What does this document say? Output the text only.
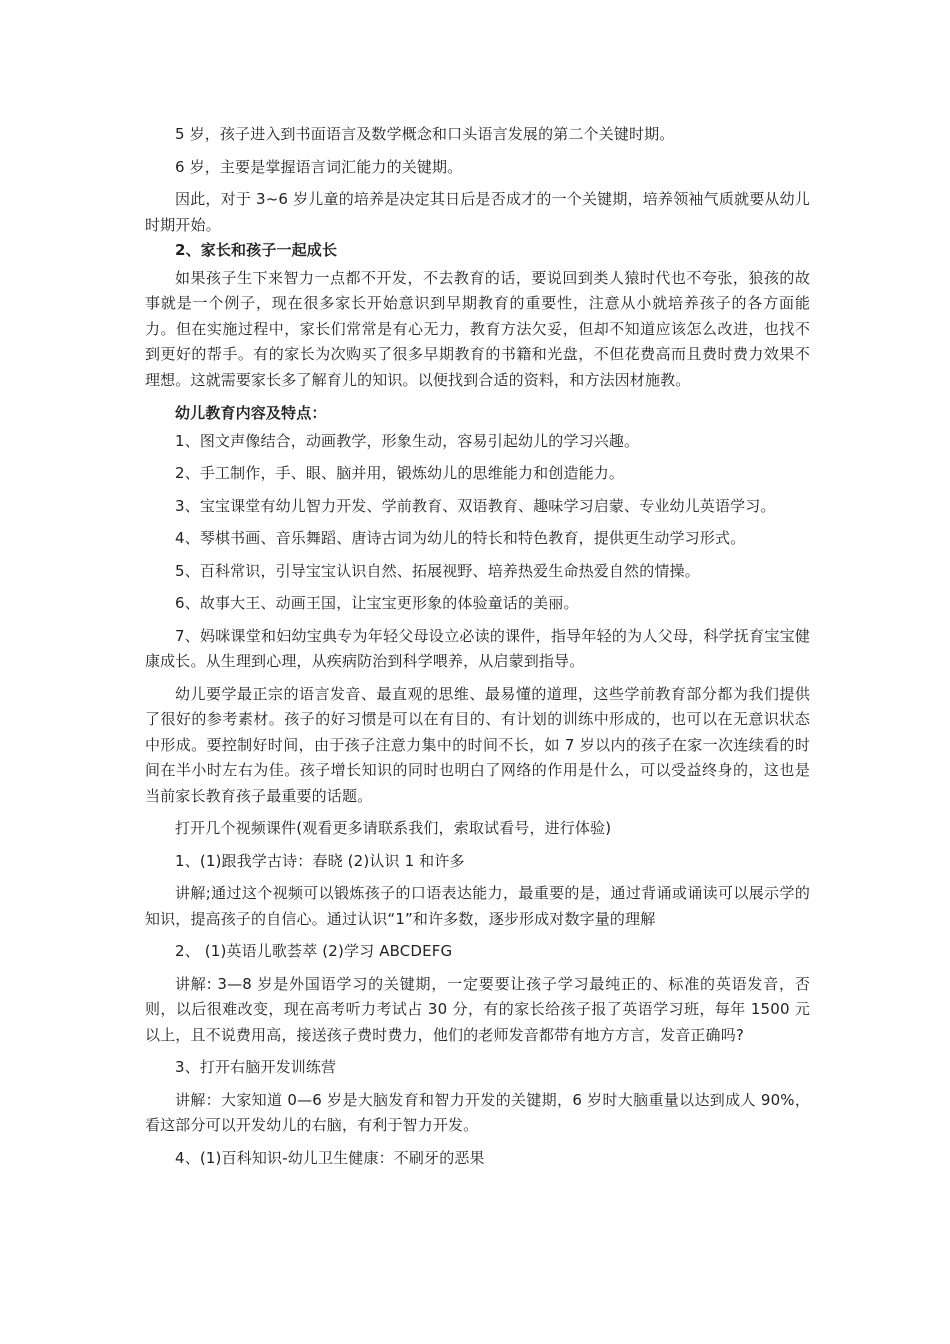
5 岁，孩子进入到书面语言及数学概念和口头语言发展的第二个关键时期。

6 岁，主要是掌握语言词汇能力的关键期。

因此，对于 3~6 岁儿童的培养是决定其日后是否成才的一个关键期，培养领袖气质就要从幼儿时期开始。

2、家长和孩子一起成长

如果孩子生下来智力一点都不开发，不去教育的话，要说回到类人猿时代也不夸张，狼孩的故事就是一个例子，现在很多家长开始意识到早期教育的重要性，注意从小就培养孩子的各方面能力。但在实施过程中，家长们常常是有心无力，教育方法欠妥，但却不知道应该怎么改进，也找不到更好的帮手。有的家长为次购买了很多早期教育的书籍和光盘，不但花费高而且费时费力效果不理想。这就需要家长多了解育儿的知识。以便找到合适的资料，和方法因材施教。

幼儿教育内容及特点：

1、图文声像结合，动画教学，形象生动，容易引起幼儿的学习兴趣。

2、手工制作，手、眼、脑并用，锻炼幼儿的思维能力和创造能力。

3、宝宝课堂有幼儿智力开发、学前教育、双语教育、趣味学习启蒙、专业幼儿英语学习。

4、琴棋书画、音乐舞蹈、唐诗古词为幼儿的特长和特色教育，提供更生动学习形式。

5、百科常识，引导宝宝认识自然、拓展视野、培养热爱生命热爱自然的情操。

6、故事大王、动画王国，让宝宝更形象的体验童话的美丽。

7、妈咪课堂和妇幼宝典专为年轻父母设立必读的课件，指导年轻的为人父母，科学抚育宝宝健康成长。从生理到心理，从疾病防治到科学喂养，从启蒙到指导。

幼儿要学最正宗的语言发音、最直观的思维、最易懂的道理，这些学前教育部分都为我们提供了很好的参考素材。孩子的好习惯是可以在有目的、有计划的训练中形成的，也可以在无意识状态中形成。要控制好时间，由于孩子注意力集中的时间不长，如 7 岁以内的孩子在家一次连续看的时间在半小时左右为佳。孩子增长知识的同时也明白了网络的作用是什么，可以受益终身的，这也是当前家长教育孩子最重要的话题。

打开几个视频课件(观看更多请联系我们，索取试看号，进行体验)

1、(1)跟我学古诗：春晓 (2)认识 1 和许多

讲解;通过这个视频可以锻炼孩子的口语表达能力，最重要的是，通过背诵或诵读可以展示学的知识，提高孩子的自信心。通过认识“1”和许多数，逐步形成对数字量的理解

2、 (1)英语儿歌荟萃 (2)学习 ABCDEFG

讲解: 3—8 岁是外国语学习的关键期，一定要要让孩子学习最纯正的、标准的英语发音，否则，以后很难改变，现在高考听力考试占 30 分，有的家长给孩子报了英语学习班，每年 1500 元以上，且不说费用高，接送孩子费时费力，他们的老师发音都带有地方方言，发音正确吗?

3、打开右脑开发训练营

讲解：大家知道 0—6 岁是大脑发育和智力开发的关键期，6 岁时大脑重量以达到成人 90%，看这部分可以开发幼儿的右脑，有利于智力开发。

4、(1)百科知识-幼儿卫生健康：不刷牙的恶果
